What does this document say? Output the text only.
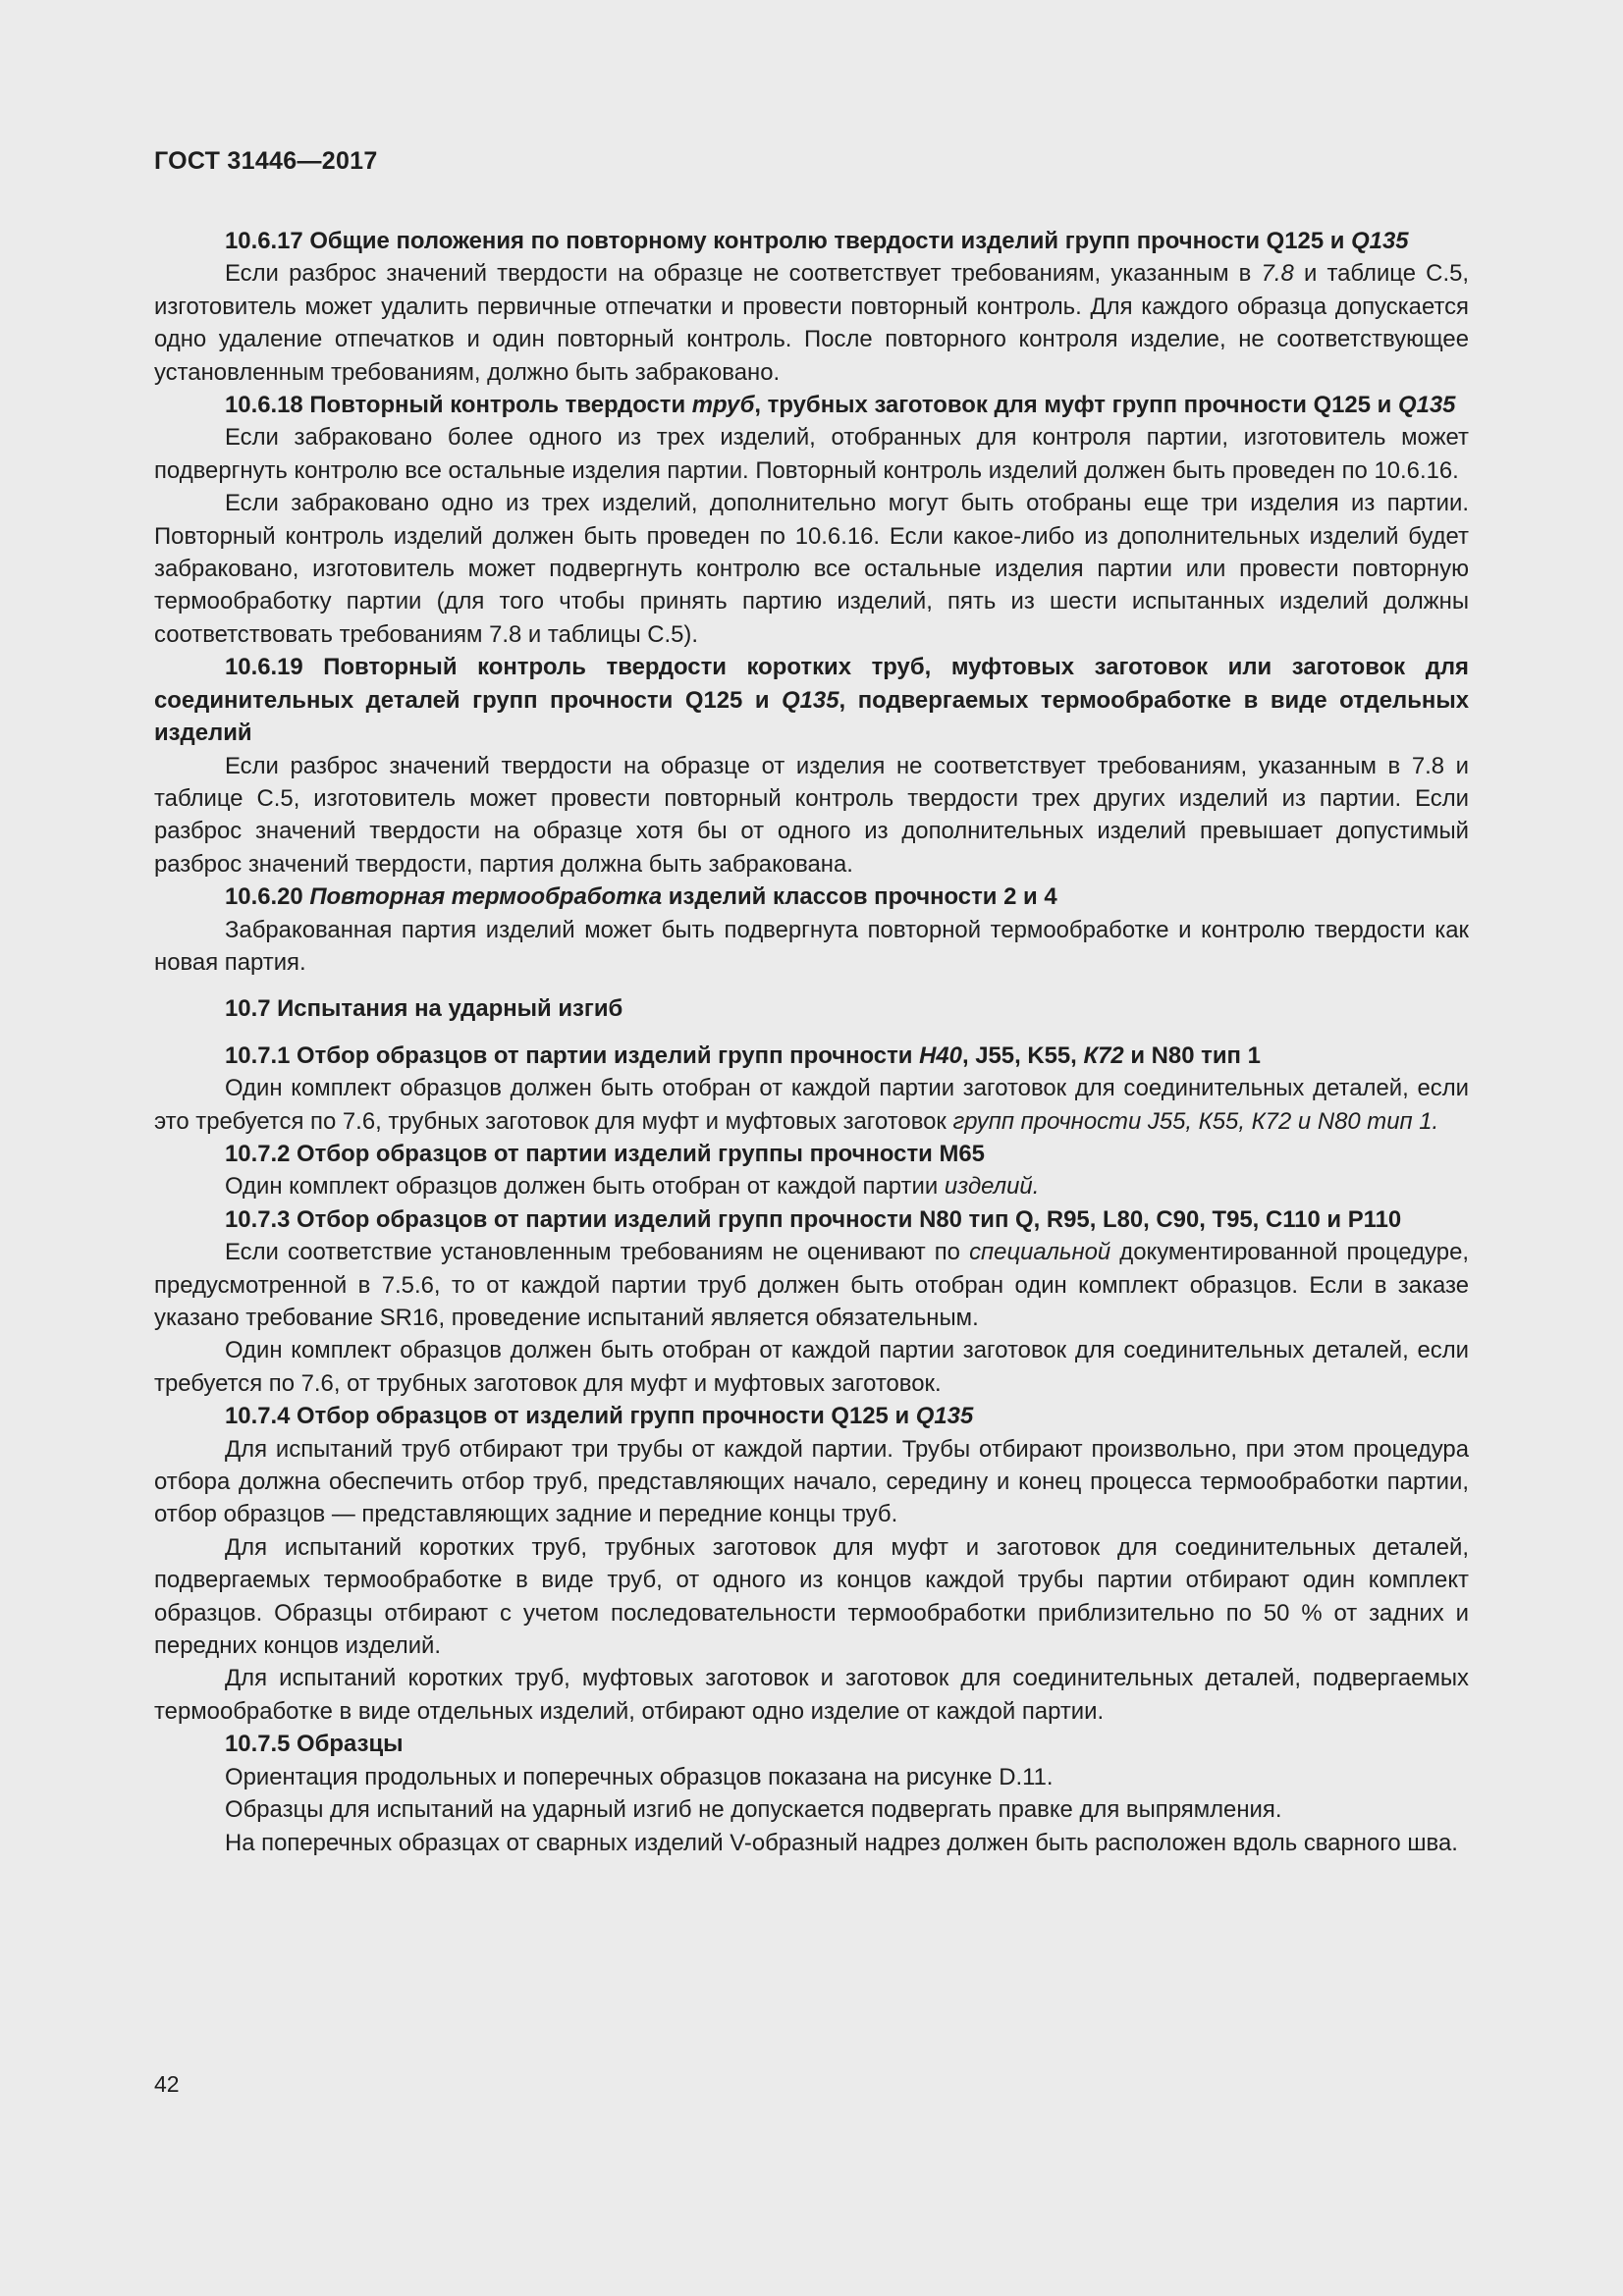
ГОСТ 31446—2017

10.6.17 Общие положения по повторному контролю твердости изделий групп прочности Q125 и Q135

Если разброс значений твердости на образце не соответствует требованиям, указанным в 7.8 и таблице С.5, изготовитель может удалить первичные отпечатки и провести повторный контроль. Для каждого образца допускается одно удаление отпечатков и один повторный контроль. После повторного контроля изделие, не соответствующее установленным требованиям, должно быть забраковано.

10.6.18 Повторный контроль твердости труб, трубных заготовок для муфт групп прочности Q125 и Q135

Если забраковано более одного из трех изделий, отобранных для контроля партии, изготовитель может подвергнуть контролю все остальные изделия партии. Повторный контроль изделий должен быть проведен по 10.6.16.

Если забраковано одно из трех изделий, дополнительно могут быть отобраны еще три изделия из партии. Повторный контроль изделий должен быть проведен по 10.6.16. Если какое-либо из дополнительных изделий будет забраковано, изготовитель может подвергнуть контролю все остальные изделия партии или провести повторную термообработку партии (для того чтобы принять партию изделий, пять из шести испытанных изделий должны соответствовать требованиям 7.8 и таблицы С.5).

10.6.19 Повторный контроль твердости коротких труб, муфтовых заготовок или заготовок для соединительных деталей групп прочности Q125 и Q135, подвергаемых термообработке в виде отдельных изделий

Если разброс значений твердости на образце от изделия не соответствует требованиям, указанным в 7.8 и таблице С.5, изготовитель может провести повторный контроль твердости трех других изделий из партии. Если разброс значений твердости на образце хотя бы от одного из дополнительных изделий превышает допустимый разброс значений твердости, партия должна быть забракована.

10.6.20 Повторная термообработка изделий классов прочности 2 и 4

Забракованная партия изделий может быть подвергнута повторной термообработке и контролю твердости как новая партия.

10.7 Испытания на ударный изгиб

10.7.1 Отбор образцов от партии изделий групп прочности Н40, J55, K55, К72 и N80 тип 1

Один комплект образцов должен быть отобран от каждой партии заготовок для соединительных деталей, если это требуется по 7.6, трубных заготовок для муфт и муфтовых заготовок групп прочности J55, К55, К72 и N80 тип 1.

10.7.2 Отбор образцов от партии изделий группы прочности М65

Один комплект образцов должен быть отобран от каждой партии изделий.

10.7.3 Отбор образцов от партии изделий групп прочности N80 тип Q, R95, L80, С90, Т95, С110 и Р110

Если соответствие установленным требованиям не оценивают по специальной документированной процедуре, предусмотренной в 7.5.6, то от каждой партии труб должен быть отобран один комплект образцов. Если в заказе указано требование SR16, проведение испытаний является обязательным.

Один комплект образцов должен быть отобран от каждой партии заготовок для соединительных деталей, если требуется по 7.6, от трубных заготовок для муфт и муфтовых заготовок.

10.7.4 Отбор образцов от изделий групп прочности Q125 и Q135

Для испытаний труб отбирают три трубы от каждой партии. Трубы отбирают произвольно, при этом процедура отбора должна обеспечить отбор труб, представляющих начало, середину и конец процесса термообработки партии, отбор образцов — представляющих задние и передние концы труб.

Для испытаний коротких труб, трубных заготовок для муфт и заготовок для соединительных деталей, подвергаемых термообработке в виде труб, от одного из концов каждой трубы партии отбирают один комплект образцов. Образцы отбирают с учетом последовательности термообработки приблизительно по 50 % от задних и передних концов изделий.

Для испытаний коротких труб, муфтовых заготовок и заготовок для соединительных деталей, подвергаемых термообработке в виде отдельных изделий, отбирают одно изделие от каждой партии.

10.7.5 Образцы

Ориентация продольных и поперечных образцов показана на рисунке D.11.

Образцы для испытаний на ударный изгиб не допускается подвергать правке для выпрямления.

На поперечных образцах от сварных изделий V-образный надрез должен быть расположен вдоль сварного шва.

42
